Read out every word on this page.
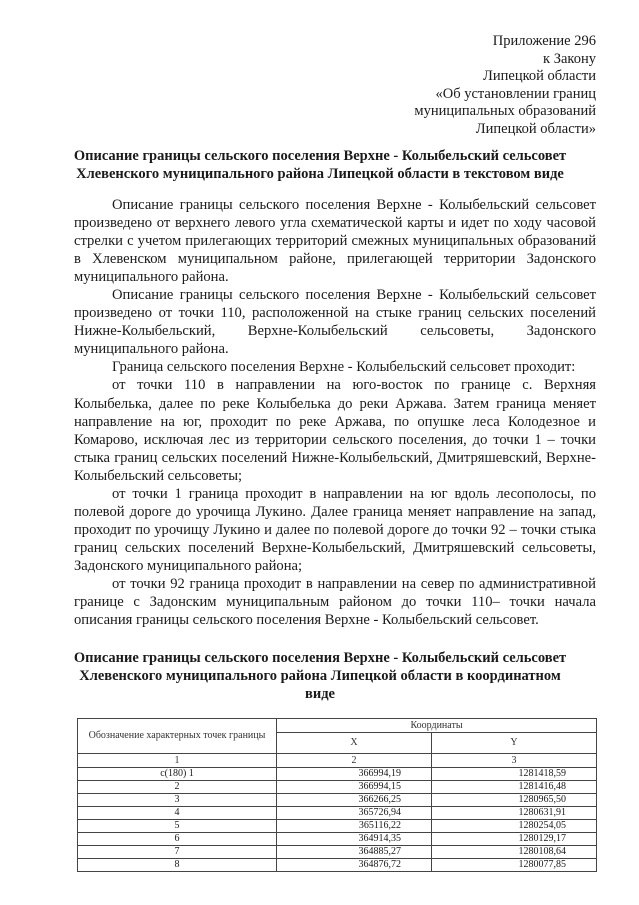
Приложение 296
к Закону
Липецкой области
«Об установлении границ
муниципальных образований
Липецкой области»
Описание границы сельского поселения Верхне - Колыбельский сельсовет
Хлевенского муниципального района Липецкой области в текстовом виде

Описание границы сельского поселения Верхне - Колыбельский сельсовет произведено от верхнего левого угла схематической карты и идет по ходу часовой стрелки с учетом прилегающих территорий смежных муниципальных образований в Хлевенском муниципальном районе, прилегающей территории Задонского муниципального района.

Описание границы сельского поселения Верхне - Колыбельский сельсовет произведено от точки 110, расположенной на стыке границ сельских поселений Нижне-Колыбельский, Верхне-Колыбельский сельсоветы, Задонского муниципального района.

Граница сельского поселения Верхне - Колыбельский сельсовет проходит:

от точки 110 в направлении на юго-восток по границе с. Верхняя Колыбелька, далее по реке Колыбелька до реки Аржава. Затем граница меняет направление на юг, проходит по реке Аржава, по опушке леса Колодезное и Комарово, исключая лес из территории сельского поселения, до точки 1 – точки стыка границ сельских поселений Нижне-Колыбельский, Дмитряшевский, Верхне-Колыбельский сельсоветы;

от точки 1 граница проходит в направлении на юг вдоль лесополосы, по полевой дороге до урочища Лукино. Далее граница меняет направление на запад, проходит по урочищу Лукино и далее по полевой дороге до точки 92 – точки стыка границ сельских поселений Верхне-Колыбельский, Дмитряшевский сельсоветы, Задонского муниципального района;

от точки 92 граница проходит в направлении на север по административной границе с Задонским муниципальным районом до точки 110– точки начала описания границы сельского поселения Верхне - Колыбельский сельсовет.

Описание границы сельского поселения Верхне - Колыбельский сельсовет
Хлевенского муниципального района Липецкой области в координатном
виде
Обозначение характерных точек границы	Координаты	
	X	Y
1	2	3
с(180) 1	366994,19	1281418,59
2	366994,15	1281416,48
3	366266,25	1280965,50
4	365726,94	1280631,91
5	365116,22	1280254,05
6	364914,35	1280129,17
7	364885,27	1280108,64
8	364876,72	1280077,85
